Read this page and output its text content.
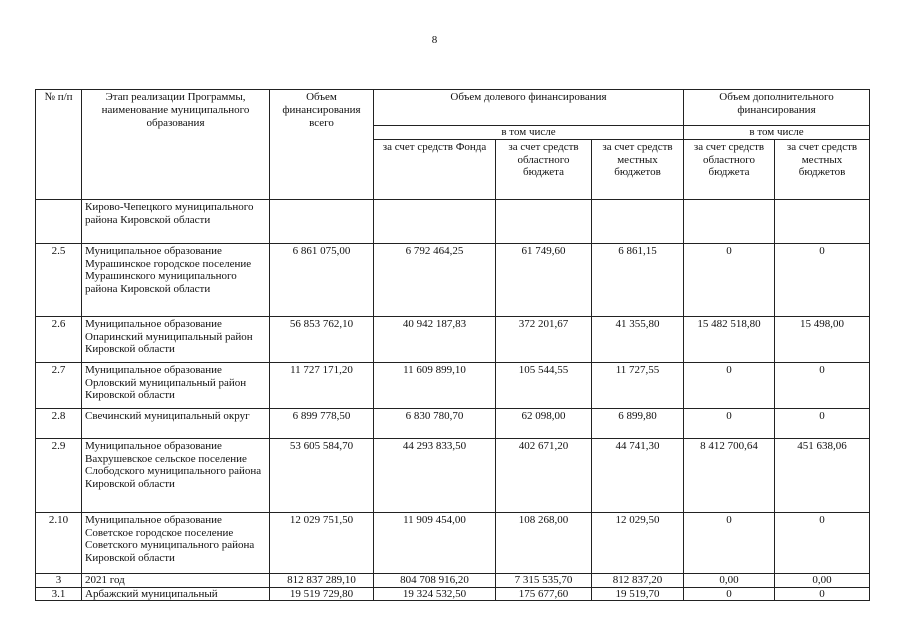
8
№ п/п	Этап реализации Программы, наименование муниципального образования	Объем финансирования всего	Объем долевого финансирования			Объем дополнительного финансирования	
			в том числе			в том числе	
			за счет средств Фонда	за счет средств областного бюджета	за счет средств местных бюджетов	за счет средств областного бюджета	за счет средств местных бюджетов
	Кирово-Чепецкого муниципального района Кировской области						
2.5	Муниципальное образование Мурашинское городское поселение Мурашинского муниципального района Кировской области	6 861 075,00	6 792 464,25	61 749,60	6 861,15	0	0
2.6	Муниципальное образование Опаринский муниципальный район Кировской области	56 853 762,10	40 942 187,83	372 201,67	41 355,80	15 482 518,80	15 498,00
2.7	Муниципальное образование Орловский муниципальный район Кировской области	11 727 171,20	11 609 899,10	105 544,55	11 727,55	0	0
2.8	Свечинский муниципальный округ	6 899 778,50	6 830 780,70	62 098,00	6 899,80	0	0
2.9	Муниципальное образование Вахрушевское сельское поселение Слободского муниципального района Кировской области	53 605 584,70	44 293 833,50	402 671,20	44 741,30	8 412 700,64	451 638,06
2.10	Муниципальное образование Советское городское поселение Советского муниципального района Кировской области	12 029 751,50	11 909 454,00	108 268,00	12 029,50	0	0
3	2021 год	812 837 289,10	804 708 916,20	7 315 535,70	812 837,20	0,00	0,00
3.1	Арбажский муниципальный	19 519 729,80	19 324 532,50	175 677,60	19 519,70	0	0
